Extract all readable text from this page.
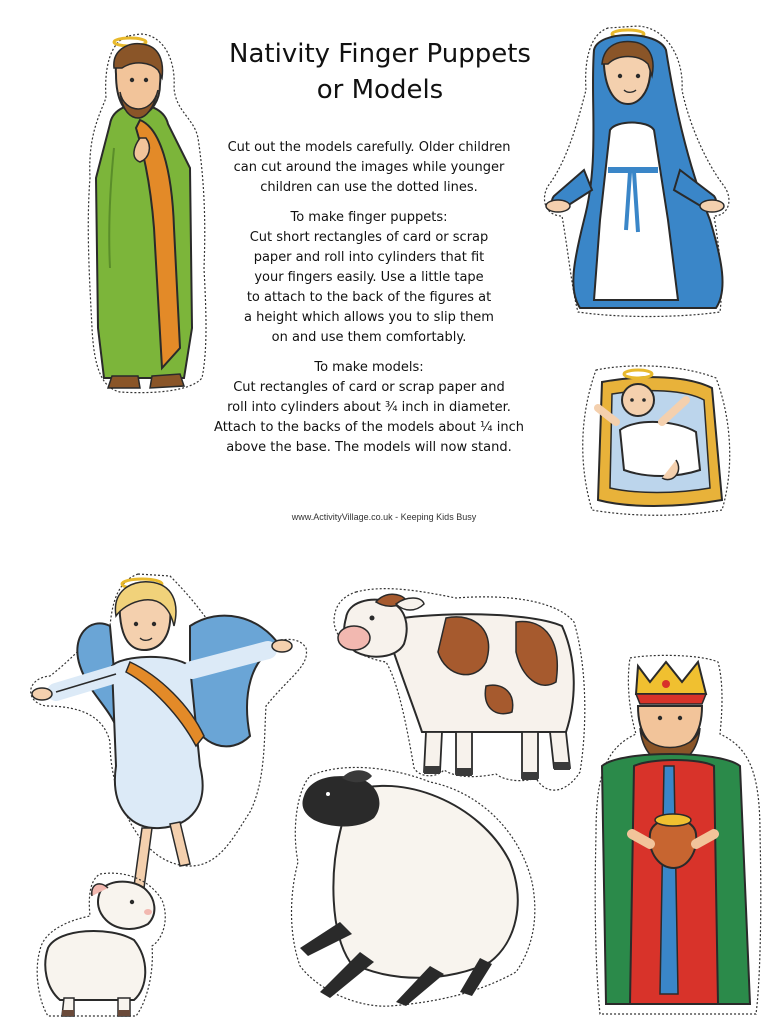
Nativity Finger Puppets
or Models

Cut out the models carefully. Older children
can cut around the images while younger
children can use the dotted lines.

To make finger puppets:
Cut short rectangles of card or scrap
paper and roll into cylinders that fit
your fingers easily. Use a little tape
to attach to the back of the figures at
a height which allows you to slip them
on and use them comfortably.

To make models:
Cut rectangles of card or scrap paper and
roll into cylinders about ¾ inch in diameter.
Attach to the backs of the models about ¼ inch
above the base. The models will now stand.

www.ActivityVillage.co.uk - Keeping Kids Busy
